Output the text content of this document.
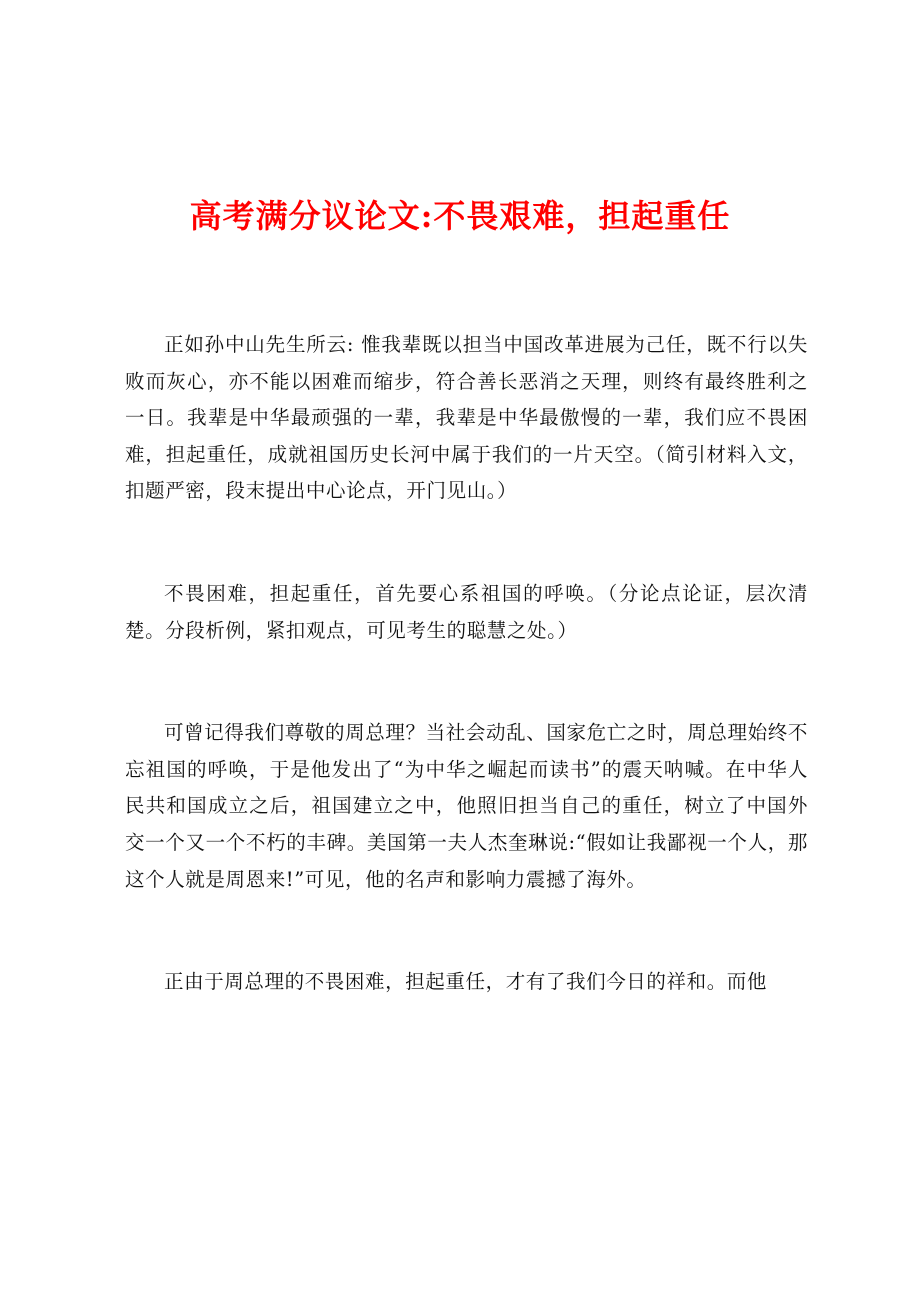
高考满分议论文:不畏艰难，担起重任

正如孙中山先生所云: 惟我辈既以担当中国改革进展为己任，既不行以失败而灰心，亦不能以困难而缩步，符合善长恶消之天理，则终有最终胜利之一日。我辈是中华最顽强的一辈，我辈是中华最傲慢的一辈，我们应不畏困难，担起重任，成就祖国历史长河中属于我们的一片天空。（简引材料入文，扣题严密，段末提出中心论点，开门见山。）

不畏困难，担起重任，首先要心系祖国的呼唤。（分论点论证，层次清楚。分段析例，紧扣观点，可见考生的聪慧之处。）

可曾记得我们尊敬的周总理？当社会动乱、国家危亡之时，周总理始终不忘祖国的呼唤，于是他发出了“为中华之崛起而读书”的震天呐喊。在中华人民共和国成立之后，祖国建立之中，他照旧担当自己的重任，树立了中国外交一个又一个不朽的丰碑。美国第一夫人杰奎琳说:“假如让我鄙视一个人，那这个人就是周恩来!”可见，他的名声和影响力震撼了海外。

正由于周总理的不畏困难，担起重任，才有了我们今日的祥和。而他
